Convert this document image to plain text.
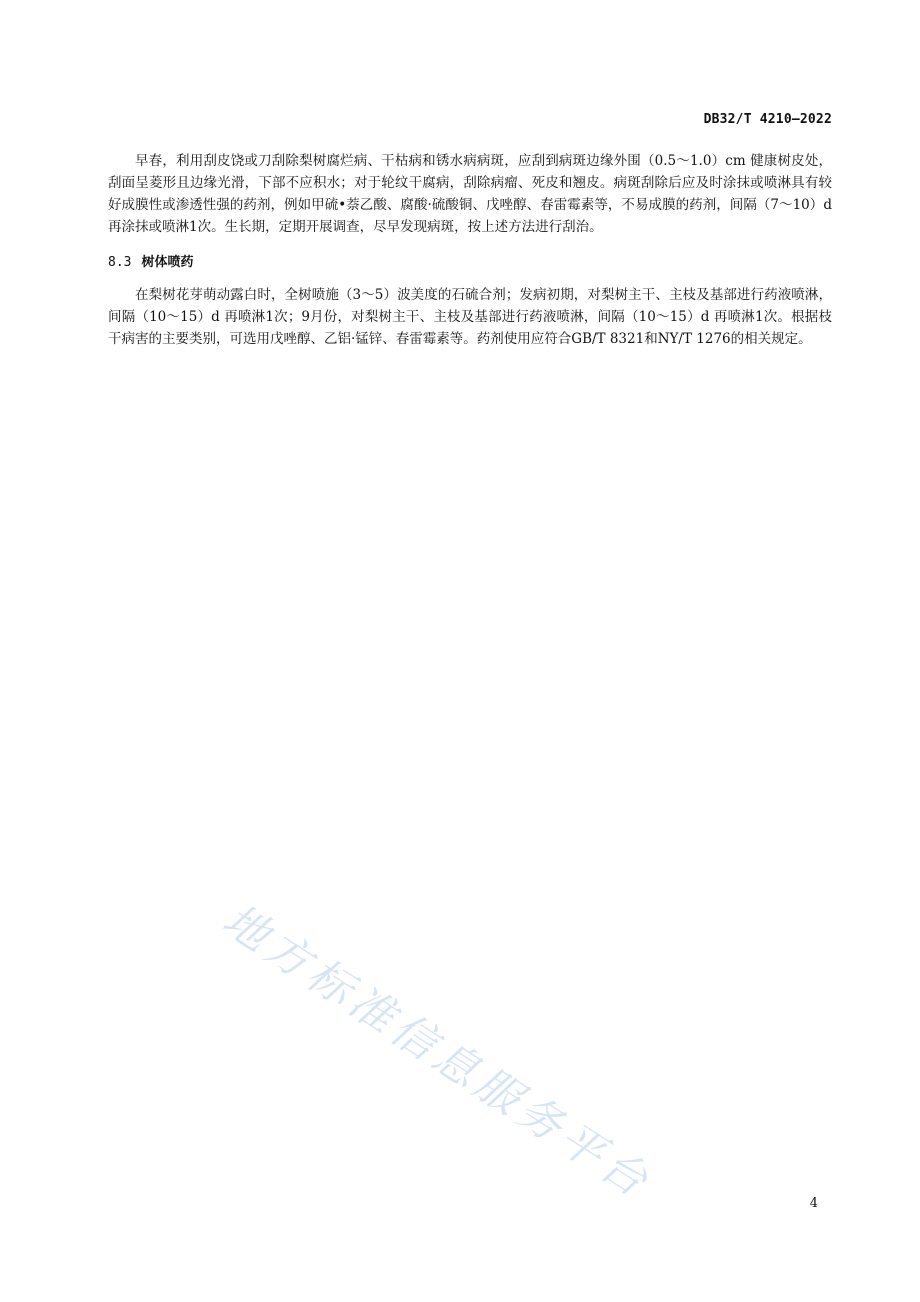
DB32/T 4210—2022

早春，利用刮皮饶或刀刮除梨树腐烂病、干枯病和锈水病病斑，应刮到病斑边缘外围（0.5～1.0）cm 健康树皮处，刮面呈菱形且边缘光滑，下部不应积水；对于轮纹干腐病，刮除病瘤、死皮和翘皮。病斑刮除后应及时涂抹或喷淋具有较好成膜性或渗透性强的药剂，例如甲硫•萘乙酸、腐酸·硫酸铜、戊唑醇、春雷霉素等，不易成膜的药剂，间隔（7～10）d 再涂抹或喷淋1次。生长期，定期开展调查，尽早发现病斑，按上述方法进行刮治。

8.3 树体喷药

在梨树花芽萌动露白时，全树喷施（3～5）波美度的石硫合剂；发病初期，对梨树主干、主枝及基部进行药液喷淋，间隔（10～15）d 再喷淋1次；9月份，对梨树主干、主枝及基部进行药液喷淋，间隔（10～15）d 再喷淋1次。根据枝干病害的主要类别，可选用戊唑醇、乙铝·锰锌、春雷霉素等。药剂使用应符合GB/T 8321和NY/T 1276的相关规定。

地方标准信息服务平台	4
